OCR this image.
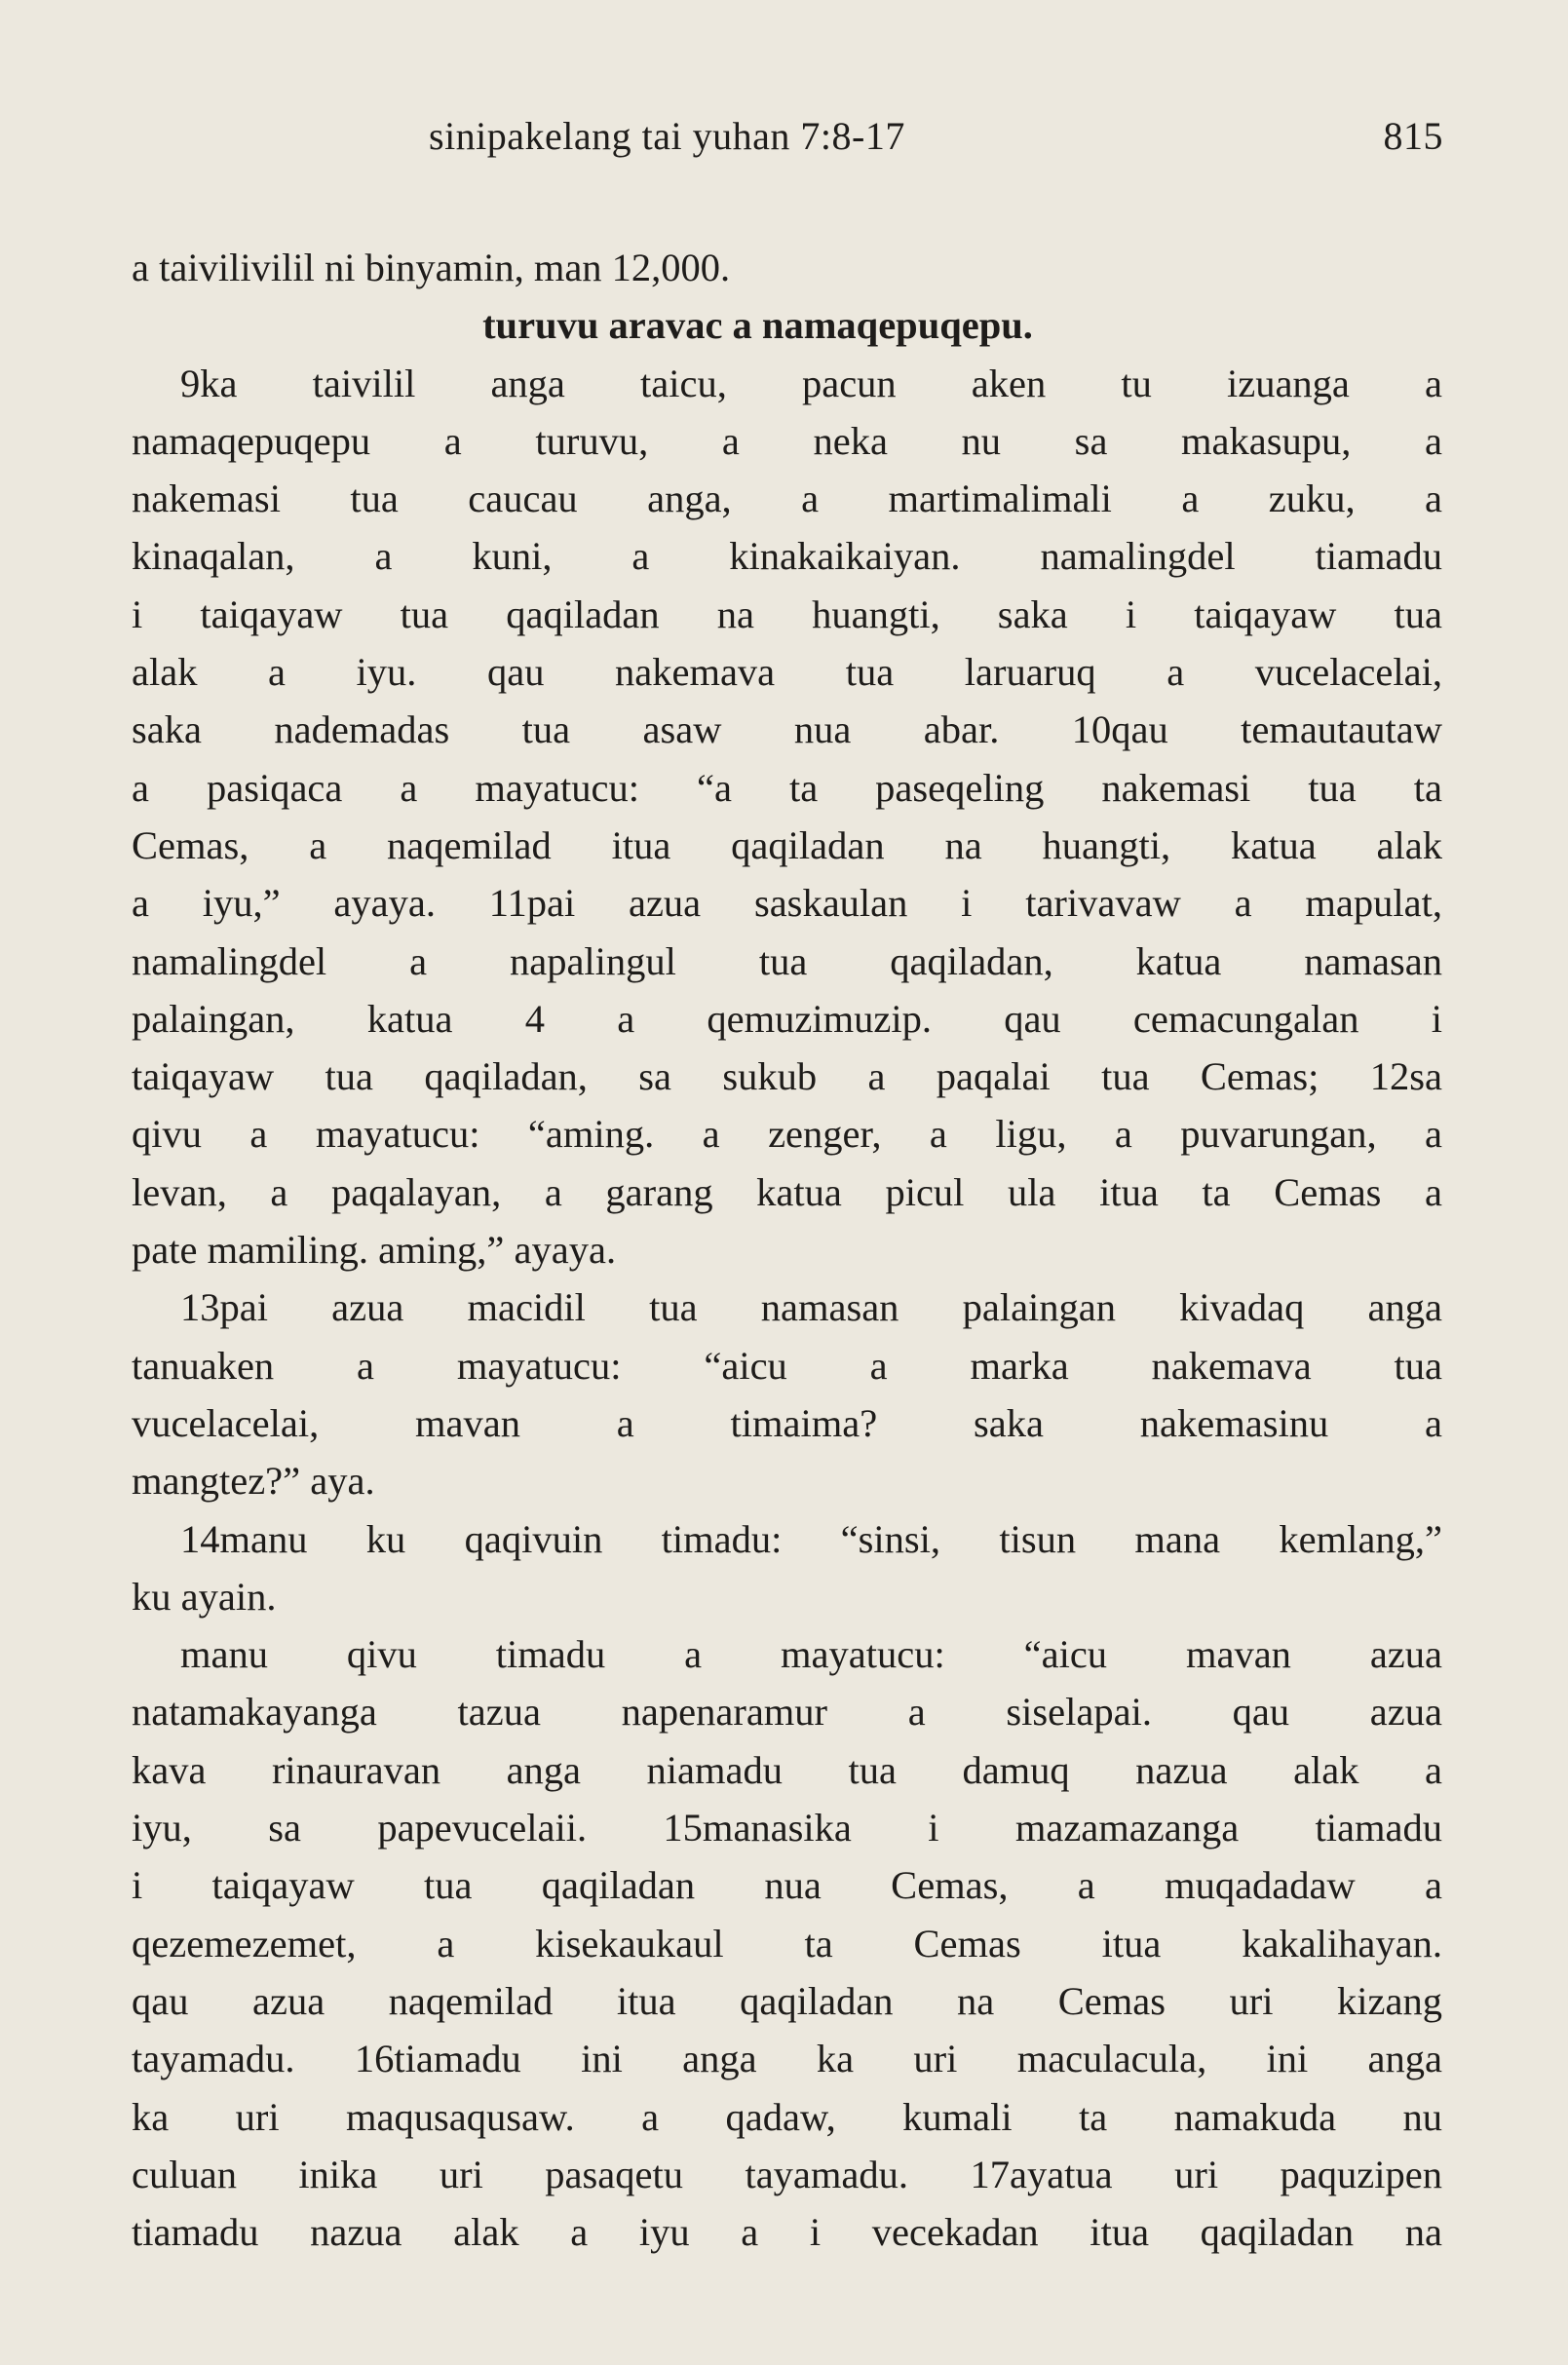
sinipakelang tai yuhan 7:8-17	815
a taivilivilil ni binyamin, man 12,000.
turuvu aravac a namaqepuqepu.
9ka taivilil anga taicu, pacun aken tu izuanga a
namaqepuqepu a turuvu, a neka nu sa makasupu, a
nakemasi tua caucau anga, a martimalimali a zuku, a
kinaqalan, a kuni, a kinakaikaiyan. namalingdel tiamadu
i taiqayaw tua qaqiladan na huangti, saka i taiqayaw tua
alak a iyu. qau nakemava tua laruaruq a vucelacelai,
saka nademadas tua asaw nua abar. 10qau temautautaw
a pasiqaca a mayatucu: “a ta paseqeling nakemasi tua ta
Cemas, a naqemilad itua qaqiladan na huangti, katua alak
a iyu,” ayaya. 11pai azua saskaulan i tarivavaw a mapulat,
namalingdel a napalingul tua qaqiladan, katua namasan
palaingan, katua 4 a qemuzimuzip. qau cemacungalan i
taiqayaw tua qaqiladan, sa sukub a paqalai tua Cemas; 12sa
qivu a mayatucu: “aming. a zenger, a ligu, a puvarungan, a
levan, a paqalayan, a garang katua picul ula itua ta Cemas a
pate mamiling. aming,” ayaya.
13pai azua macidil tua namasan palaingan kivadaq anga
tanuaken a mayatucu: “aicu a marka nakemava tua
vucelacelai, mavan a timaima? saka nakemasinu a
mangtez?” aya.
14manu ku qaqivuin timadu: “sinsi, tisun mana kemlang,”
ku ayain.
manu qivu timadu a mayatucu: “aicu mavan azua
natamakayanga tazua napenaramur a siselapai. qau azua
kava rinauravan anga niamadu tua damuq nazua alak a
iyu, sa papevucelaii. 15manasika i mazamazanga tiamadu
i taiqayaw tua qaqiladan nua Cemas, a muqadadaw a
qezemezemet, a kisekaukaul ta Cemas itua kakalihayan.
qau azua naqemilad itua qaqiladan na Cemas uri kizang
tayamadu. 16tiamadu ini anga ka uri maculacula, ini anga
ka uri maqusaqusaw. a qadaw, kumali ta namakuda nu
culuan inika uri pasaqetu tayamadu. 17ayatua uri paquzipen
tiamadu nazua alak a iyu a i vecekadan itua qaqiladan na
